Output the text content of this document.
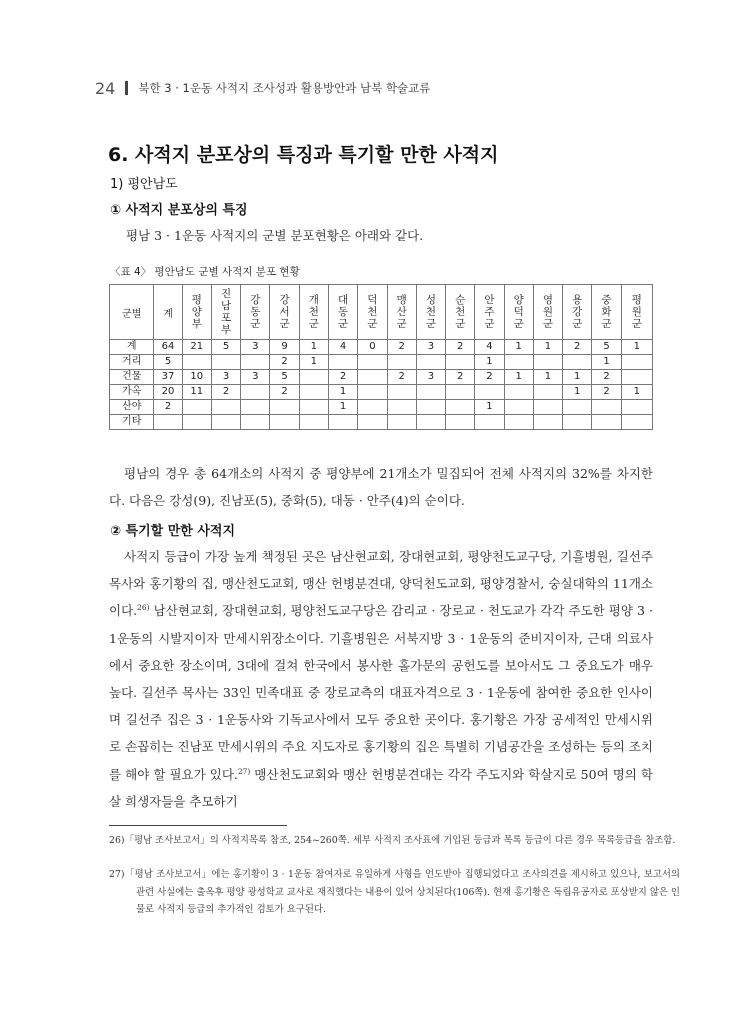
24 북한 3 · 1운동 사적지 조사성과 활용방안과 남북 학술교류
6. 사적지 분포상의 특징과 특기할 만한 사적지
1) 평안남도
① 사적지 분포상의 특징
평남 3 · 1운동 사적지의 군별 분포현황은 아래와 같다.
〈표 4〉 평안남도 군별 사적지 분포 현황
군별	계	평양부	진남포부	강동군	강서군	개천군	대동군	덕천군	맹산군	성천군	순천군	안주군	양덕군	영원군	용강군	중화군	평원군
계	64	21	5	3	9	1	4	0	2	3	2	4	1	1	2	5	1
거리	5				2	1						1				1	
건물	37	10	3	3	5		2		2	3	2	2	1	1	1	2	
가옥	20	11	2		2		1								1	2	1
산야	2						1					1					
기타																	

평남의 경우 총 64개소의 사적지 중 평양부에 21개소가 밀집되어 전체 사적지의 32%를 차지한다. 다음은 강성(9), 진남포(5), 중화(5), 대동 · 안주(4)의 순이다.

② 특기할 만한 사적지

사적지 등급이 가장 높게 책정된 곳은 남산현교회, 장대현교회, 평양천도교구당, 기흘병원, 길선주목사와 홍기황의 집, 맹산천도교회, 맹산 헌병분견대, 양덕천도교회, 평양경찰서, 숭실대학의 11개소이다.$^{26)}$ 남산현교회, 장대현교회, 평양천도교구당은 감리교 · 장로교 · 천도교가 각각 주도한 평양 3 · 1운동의 시발지이자 만세시위장소이다. 기흘병원은 서북지방 3 · 1운동의 준비지이자, 근대 의료사에서 중요한 장소이며, 3대에 걸쳐 한국에서 봉사한 홀가문의 공헌도를 보아서도 그 중요도가 매우 높다. 길선주 목사는 33인 민족대표 중 장로교측의 대표자격으로 3 · 1운동에 참여한 중요한 인사이며 길선주 집은 3 · 1운동사와 기독교사에서 모두 중요한 곳이다. 홍기황은 가장 공세적인 만세시위로 손꼽히는 진남포 만세시위의 주요 지도자로 홍기황의 집은 특별히 기념공간을 조성하는 등의 조치를 해야 할 필요가 있다.$^{27)}$ 맹산천도교회와 맹산 헌병분견대는 각각 주도지와 학살지로 50여 명의 학살 희생자들을 추모하기

26)「평남 조사보고서」의 사적지목록 참조, 254~260쪽. 세부 사적지 조사표에 기입된 등급과 목록 등급이 다른 경우 목록등급을 참조함.

27)「평남 조사보고서」에는 홍기황이 3 · 1운동 참여자로 유일하게 사형을 언도받아 집행되었다고 조사의견을 제시하고 있으나, 보고서의 관련 사실에는 출옥후 평양 광성학교 교사로 재직했다는 내용이 있어 상치된다(106쪽). 현재 홍기황은 독립유공자로 포상받지 않은 인물로 사적지 등급의 추가적인 검토가 요구된다.
